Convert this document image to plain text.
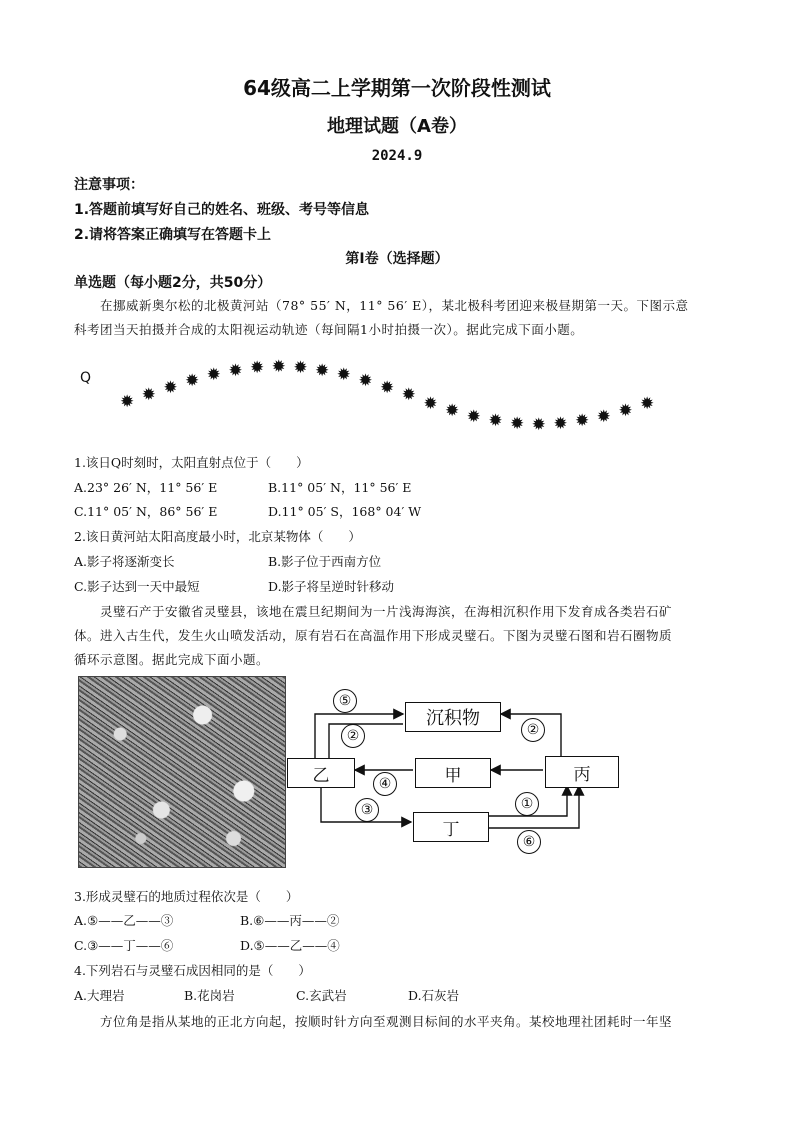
64级高二上学期第一次阶段性测试
地理试题（A卷）
2024.9
注意事项：
1.答题前填写好自己的姓名、班级、考号等信息
2.请将答案正确填写在答题卡上
第Ⅰ卷（选择题）
单选题（每小题2分，共50分）
在挪威新奥尔松的北极黄河站（78° 55′ N，11° 56′ E），某北极科考团迎来极昼期第一天。下图示意
科考团当天拍摄并合成的太阳视运动轨迹（每间隔1小时拍摄一次）。据此完成下面小题。
Q
✹ ✹ ✹ ✹ ✹ ✹ ✹ ✹ ✹ ✹ ✹ ✹ ✹ ✹ ✹ ✹ ✹ ✹ ✹ ✹ ✹ ✹ ✹ ✹ ✹
1.该日Q时刻时，太阳直射点位于（　　）
A.23° 26′ N，11° 56′ E	B.11° 05′ N，11° 56′ E
C.11° 05′ N，86° 56′ E	D.11° 05′ S，168° 04′ W
2.该日黄河站太阳高度最小时，北京某物体（　　）
A.影子将逐渐变长	B.影子位于西南方位
C.影子达到一天中最短	D.影子将呈逆时针移动
灵璧石产于安徽省灵璧县，该地在震旦纪期间为一片浅海海滨，在海相沉积作用下发育成各类岩石矿
体。进入古生代，发生火山喷发活动，原有岩石在高温作用下形成灵璧石。下图为灵璧石图和岩石圈物质
循环示意图。据此完成下面小题。
沉积物
乙	甲	丙
丁
⑤
②	②
④
③	①
⑥
3.形成灵璧石的地质过程依次是（　　）
A.⑤——乙——③	B.⑥——丙——②
C.③——丁——⑥	D.⑤——乙——④
4.下列岩石与灵璧石成因相同的是（　　）
A.大理岩	B.花岗岩	C.玄武岩	D.石灰岩
方位角是指从某地的正北方向起，按顺时针方向至观测目标间的水平夹角。某校地理社团耗时一年坚
